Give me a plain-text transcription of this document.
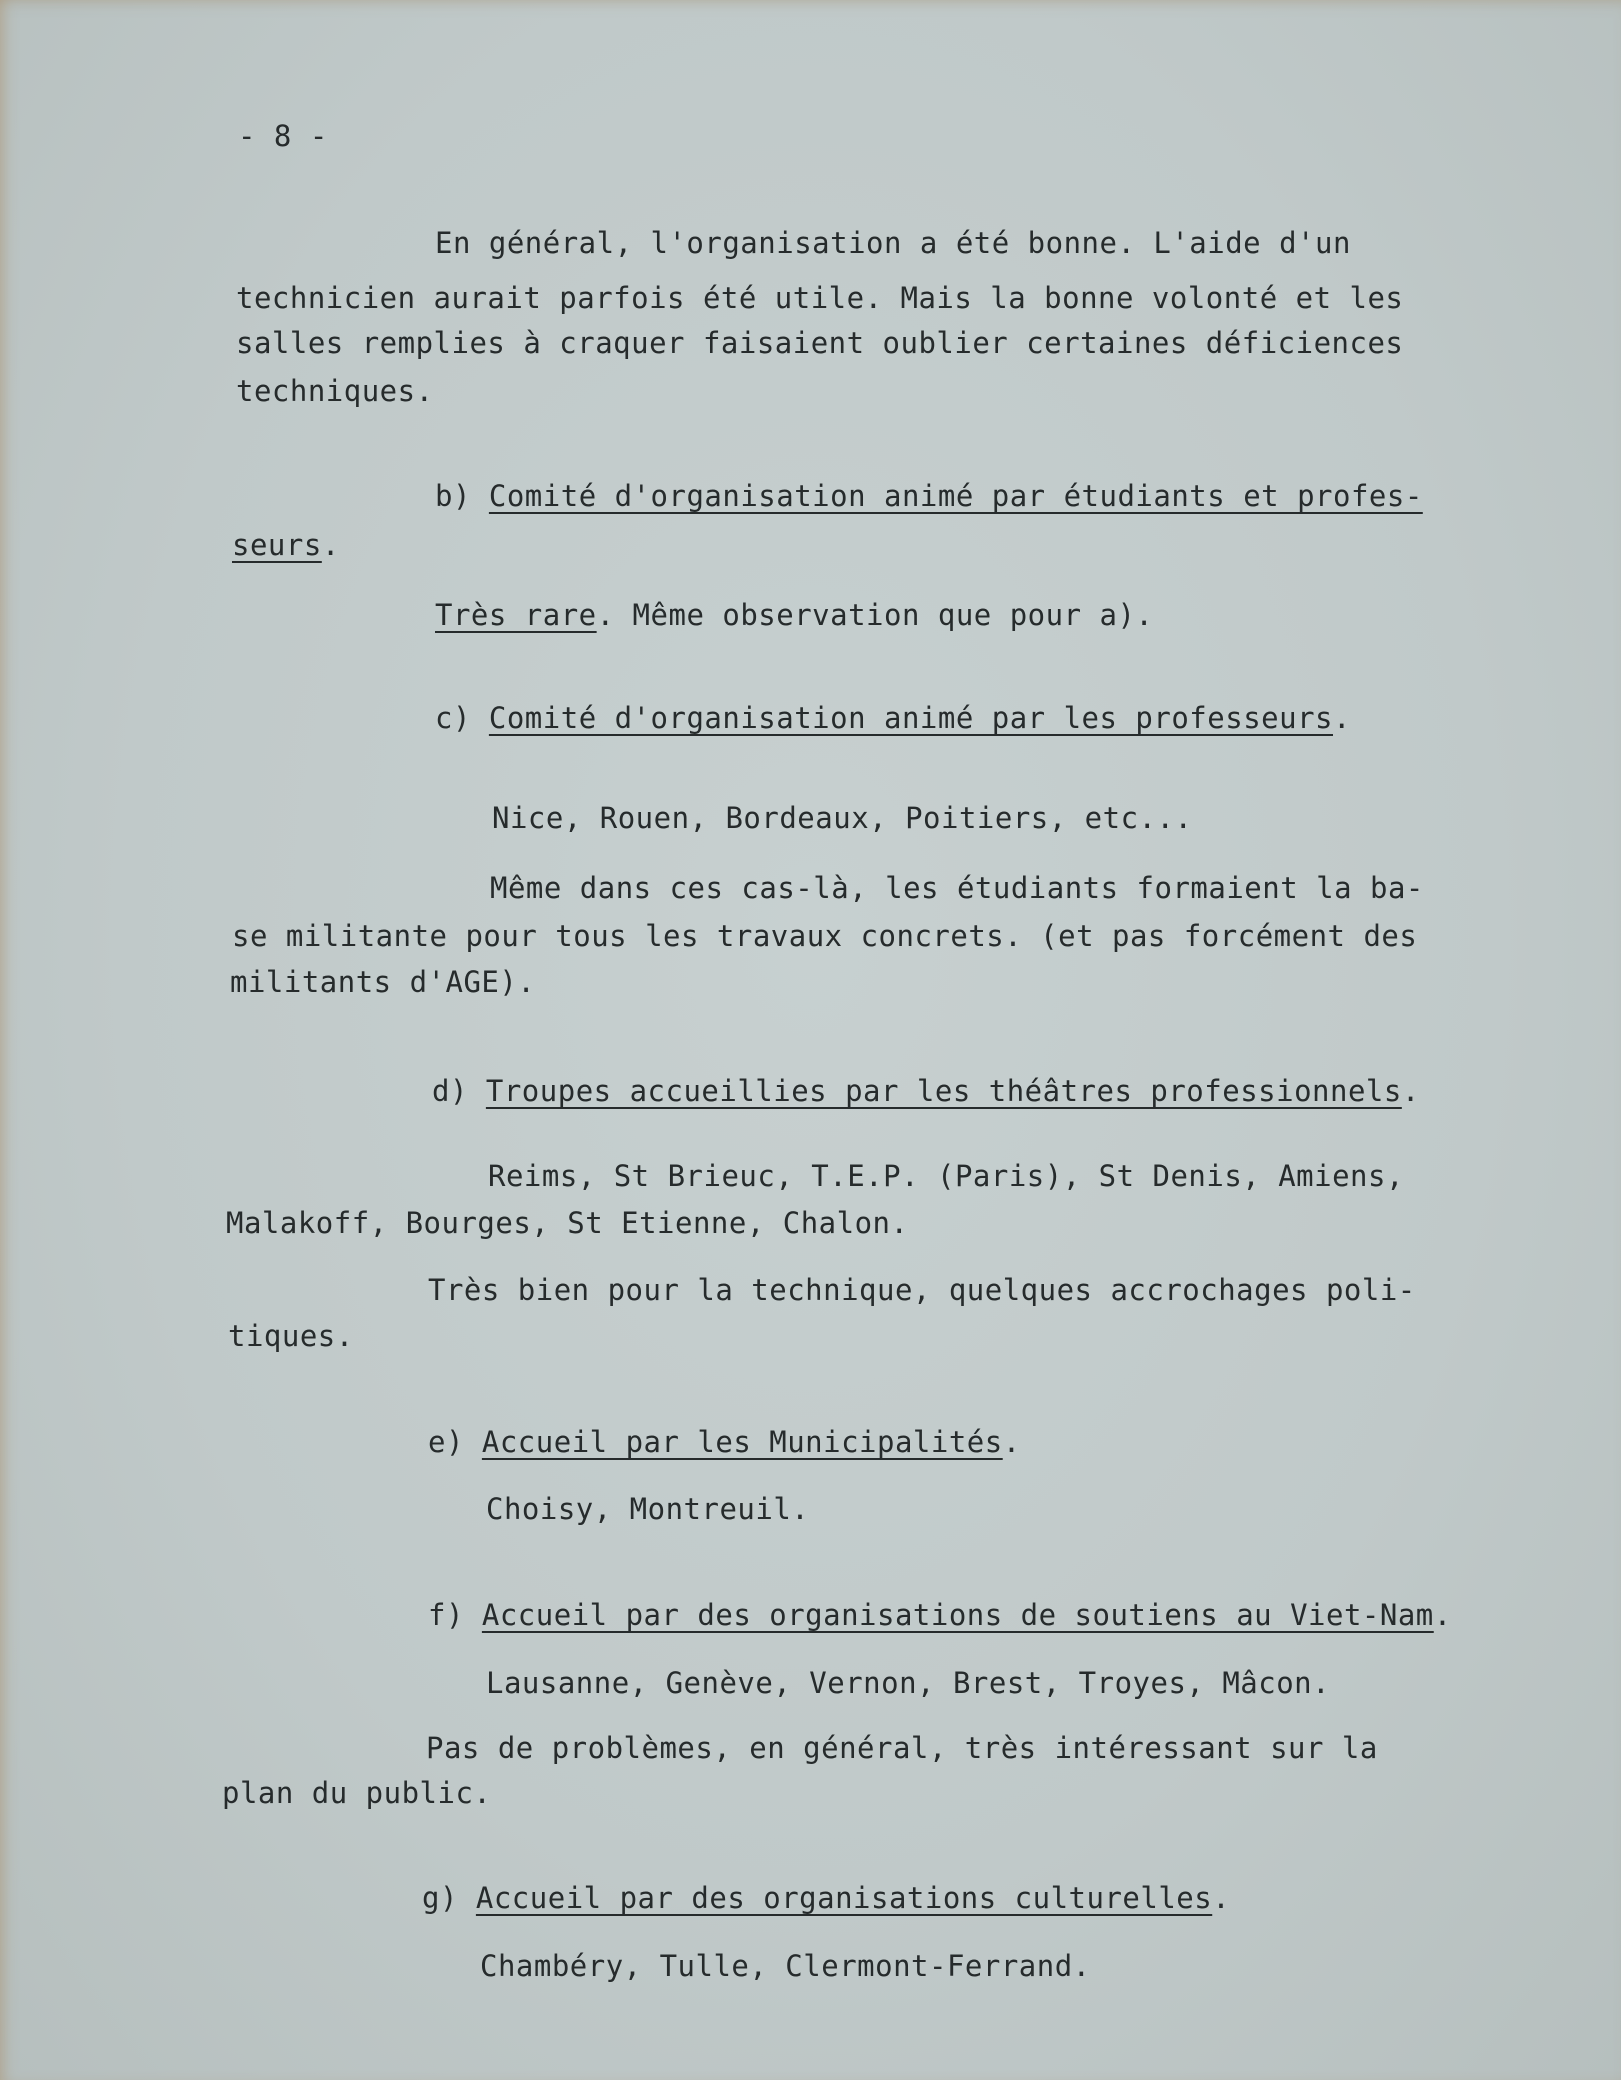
- 8 -
En général, l'organisation a été bonne. L'aide d'un
technicien aurait parfois été utile. Mais la bonne volonté et les
salles remplies à craquer faisaient oublier certaines déficiences
techniques.
b) Comité d'organisation animé par étudiants et profes-
seurs.
Très rare. Même observation que pour a).
c) Comité d'organisation animé par les professeurs.
Nice, Rouen, Bordeaux, Poitiers, etc...
Même dans ces cas-là, les étudiants formaient la ba-
se militante pour tous les travaux concrets. (et pas forcément des
militants d'AGE).
d) Troupes accueillies par les théâtres professionnels.
Reims, St Brieuc, T.E.P. (Paris), St Denis, Amiens,
Malakoff, Bourges, St Etienne, Chalon.
Très bien pour la technique, quelques accrochages poli-
tiques.
e) Accueil par les Municipalités.
Choisy, Montreuil.
f) Accueil par des organisations de soutiens au Viet-Nam.
Lausanne, Genève, Vernon, Brest, Troyes, Mâcon.
Pas de problèmes, en général, très intéressant sur la
plan du public.
g) Accueil par des organisations culturelles.
Chambéry, Tulle, Clermont-Ferrand.
